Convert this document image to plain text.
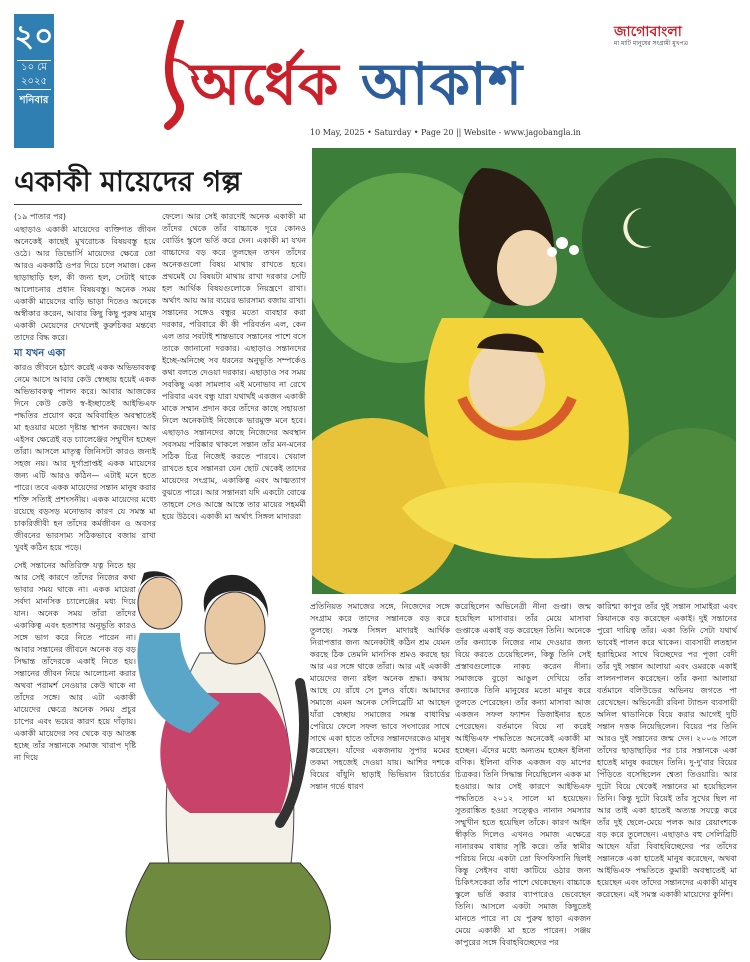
২০
১০ মে
২০২৫
শনিবার অর্ধেক আকাশ
10 May, 2025 • Saturday • Page 20 || Website - www.jagobangla.in
জাগোবাংলা
মা মাটি মানুষের সংগ্রামী মুখপত্র
একাকী মায়েদের গল্প

(১৯ পাতার পর)

এছাড়াও একাকী মায়েদের ব্যক্তিগত জীবন অনেকেই কাছেই মুখরোচক বিষয়বস্তু হয়ে ওঠে। আর ডিভোর্সি মায়েদের ক্ষেত্রে তো আরও এককাঠি ওপর দিয়ে চলে সমাজ। কেন ছাড়াছাড়ি হল, কী জন্য হল, সেটাই থাকে আলোচনার প্রধান বিষয়বস্তু। অনেক সময় একাকী মায়েদের বাড়ি ভাড়া দিতেও অনেকে অস্বীকার করেন, আবার কিছু কিছু পুরুষ মানুষ একাকী মেয়েদের দেখলেই কুরুচিকর মন্তব্যে তাদের বিদ্ধ করে।

মা যখন একা

কারও জীবনে হঠাৎ করেই একক অভিভাবকত্ব নেমে আসে আবার কেউ স্বেচ্ছায় হয়েই একক অভিভাবকত্ব পালন করে। আবার আজকের দিনে কেউ কেউ স্ব-ইচ্ছাতেই আইভিএফ পদ্ধতির প্রয়োগ করে অবিবাহিত অবস্থাতেই মা হওয়ার মতো দৃষ্টান্ত স্থাপন করছেন। আর এইসব ক্ষেত্রেই বড় চ্যালেঞ্জের সম্মুখীন হচ্ছেন তাঁরা। আসলে মাতৃত্ব জিনিসটা কারও জন্যই সহজ নয়। আর দুর্গাপ্রাপ্তই একক মায়েদের জন্য এটি আরও কঠিন— এটাই মনে হতে পারে। তবে একক মায়েদের সন্তান মানুষ করার শক্তি সত্যিই প্রশংসনীয়। একক মায়েদের মধ্যে রয়েছে বড়সড় মনোভাব কারণ যে সমস্ত মা চাকরিজীবী হন তাঁদের কর্মজীবন ও অবসর জীবনের ভারসাম্য সঠিকভাবে বজায় রাখা খুবই কঠিন হয়ে পড়ে।

ফেলে। আর সেই কারণেই অনেক একাকী মা তাঁদের থেকে তাঁর বাচ্চাকে দূরে কোনও বোর্ডিং স্কুলে ভর্তি করে দেন। একাকী মা যখন বাচ্চাদের বড় করে তুলছেন তখন তাঁদের অনেকগুলো বিষয় মাথায় রাখতে হবে। প্রথমেই যে বিষয়টা মাথায় রাখা দরকার সেটি হল আর্থিক বিষয়গুলোকে নিয়ন্ত্রণে রাখা। অর্থাৎ আয় আর ব্যয়ের ভারসাম্য বজায় রাখা। সন্তানের সঙ্গেও বন্ধুর মতো ব্যবহার করা দরকার, পরিবারে কী কী পরিবর্তন এল, কেন এল তার সবটাই শান্তভাবে সন্তানের পাশে বসে তাকে জানানো দরকার। এছাড়াও সন্তানদের ইচ্ছে-অনিচ্ছে সব ধরনের অনুভূতি সম্পর্কেও কথা বলতে দেওয়া দরকার। এছাড়াও সব সময় সবকিছু একা সামলাব এই মনোভাব না রেখে পরিবার এবং বন্ধু যারা যথার্থই একজন একাকী মাকে সম্মান প্রদান করে তাঁদের কাছে সহায়তা নিলে অনেকটাই নিজেকে ভারমুক্ত মনে হবে। এছাড়াও সন্তানদের কাছে নিজেদের অবস্থান সবসময় পরিষ্কার থাকলে সন্তান তাঁর মন-মনের সঠিক চিত্র নিজেই করতে পারবে। খেয়াল রাখতে হবে সন্তানরা যেন ছোট থেকেই তাদের মায়েদের সংগ্রাম, একাকিত্ব এবং আত্মত্যাগ বুঝতে পারে। আর সন্তানরা যদি একটো বোঝে তাহলে সেও আস্তে আস্তে তার মায়ের সহমর্মী হয়ে উঠবে। একাকী মা অর্থাৎ সিঙ্গল মাদাররা

সেই সন্তানের অতিরিক্ত যত্ন নিতে হয় আর সেই কারণে তাঁদের নিজের কথা ভাবার সময় থাকে না। একক মায়েরা সর্বদা মানসিক চ্যালেঞ্জের মধ্য দিয়ে যান। অনেক সময় তাঁরা তাঁদের একাকিত্ব এবং হতাশার অনুভূতি কারও সঙ্গে ভাগ করে নিতে পারেন না। আবার সন্তানের জীবনে অনেক বড় বড় সিদ্ধান্ত তাঁদেরকে একাই নিতে হয়। সন্তানের জীবন নিয়ে আলোচনা করার অথবা পরামর্শ নেওয়ার কেউ থাকে না তাঁদের সঙ্গে। আর এটা একাকী মায়েদের ক্ষেত্রে অনেক সময় প্রচুর চাপের এবং ভয়ের কারণ হয়ে দাঁড়ায়। একাকী মায়েদের সব থেকে বড় আতঙ্ক হচ্ছে তাঁর সন্তানকে সমাজ খারাপ দৃষ্টি না দিয়ে

প্রতিনিয়ত সমাজের সঙ্গে, নিজেদের সঙ্গে সংগ্রাম করে তাদের সন্তানকে বড় করে তুলছে। সমস্ত সিঙ্গল মাদারই আর্থিক নিরাপত্তার জন্য অনেকটাই কঠিন শ্রম যেমন করছে ঠিক তেমনি মানসিক শ্রমও করছে হয় আর এর সঙ্গে থাকে তাঁরা। আর এই একাকী মায়েদের জন্য রইল অনেক শ্রদ্ধা। কথায় আছে যে রাঁধে সে চুলও বাঁধে। আমাদের সমাজে এমন অনেক সেলিব্রেটি মা আছেন যাঁরা স্বেচ্ছায় সমাজের সমস্ত বাধাবিঘ্ন পেরিয়ে ফেলে সফল ভাবে সংসারের সাথে সাথে একা হাতে তাঁদের সন্তানদেরকেও মানুষ করেছেন। যাঁদের একজনায় সুপার মমের তকমা সহজেই দেওয়া যায়। আশির দশকে বিয়ের বাঁধুনি ছাড়াই ভিভিয়ান রিচার্ডের সন্তান গর্ভে ধারণ

করেছিলেন অভিনেত্রী নীনা গুপ্তা। জন্ম হয়েছিল মাসাবার। তাঁর মেয়ে মাসাবা গুপ্তাকে একাই বড় করেছেন তিনি। অনেকে তাঁর কন্যাকে নিজের নাম দেওয়ার জন্য বিয়ে করতে চেয়েছিলেন, কিন্তু তিনি সেই প্রস্তাবগুলোকে নাকচ করেন নীনা। সমাজকে বুড়ো আঙুল দেখিয়ে তাঁর কন্যাকে তিনি মানুষের মতো মানুষ করে তুলতে পেরেছেন। তাঁর কন্যা মাসাবা আজ একজন সফল ফ্যাশন ডিজাইনার হতে পেরেছেন। বর্তমানে বিয়ে না করেই আইভিএফ পদ্ধতিতে অনেকেই একাকী মা হচ্ছেন। এঁদের মধ্যে অন্যতম হচ্ছেন ইলিনা বণিক। ইলিনা বণিক একজন বড় মাপের চিত্রকর। তিনি সিদ্ধান্ত নিয়েছিলেন একক মা হওয়ার। আর সেই কারণে আইভিএফ পদ্ধতিতে ২০১২ সালে মা হয়েছেন। সুতরাঙ্কিত হওয়া সত্ত্বেও নানান সমস্যার সম্মুখীন হতে হয়েছিল তাঁকে। কারণ আইন স্বীকৃতি দিলেও এখনও সমাজ এক্ষেত্রে নানারকম বাধার সৃষ্টি করে। তাঁর স্বামীর পরিচয় নিয়ে একটা তো ফিসফিসানি ছিলই কিন্তু সেইসব বাধা কাটিয়ে ওঠার জন্য চিকিৎসকেরা তাঁর পাশে থেকেছেন। বাচ্চাকে স্কুলে ভর্তি করার ব্যাপারেও ভেবেছেন তিনি। আসলে একটা সমাজ কিছুতেই মানতে পারে না যে পুরুষ ছাড়া একজন মেয়ে একাকী মা হতে পারেন। সঞ্জয় কাপুরের সঙ্গে বিবাহবিচ্ছেদের পর

কারিশ্মা কাপুর তাঁর দুই সন্তান সামাইরা এবং কিয়ানকে বড় করেছেন একাই। দুই সন্তানের পুরো দায়িত্ব তাঁর। একা তিনি সেটা যথার্থ ভাবেই পালন করে থাকেন। ব্যবসায়ী লতহান হরাহিমের সাথে বিচ্ছেদের পর পূজা বেদী তাঁর দুই সন্তান আলায়া এবং ওমরকে একাই লালনপালন করেছেন। তাঁর কন্যা আলায়া বর্তমানে বলিউডের অভিনয় জগতে পা রেখেছেন। অভিনেত্রী রবিনা ট্যান্ডন ব্যবসায়ী অনিল থাডানিকে বিয়ে করার আগেই দুটি সন্তান দত্তক নিয়েছিলেন। বিয়ের পর তিনি আরও দুই সন্তানের জন্ম দেন। ২০০৬ সালে তাঁদের ছাড়াছাড়ির পর চার সন্তানকে একা হাতেই মানুষ করছেন তিনি। দু-দু'বার বিয়ের পিঁড়িতে বসেছিলেন শ্বেতা তিওয়ারি। আর দুটো বিয়ে থেকেই সন্তানের মা হয়েছিলেন তিনি। কিন্তু দুটো বিয়েই তাঁর সুখের ছিল না আর তাই একা হাতেই অত্যন্ত সযত্নে করে তাঁর দুই ছেলে-মেয়ে পলক আর রেয়াংশকে বড় করে তুলেছেন। এছাড়াও বহু সেলিব্রিটি আছেন যাঁরা বিবাহবিচ্ছেদের পর তাঁদের সন্তানকে একা হাতেই মানুষ করেছেন, অথবা আইভিএফ পদ্ধতিতে কুমারী অবস্থাতেই মা হয়েছেন এবং তাঁদের সন্তানদের একাকী মানুষ করেছেন। এই সমস্ত একাকী মায়েদের কুর্নিশ।
